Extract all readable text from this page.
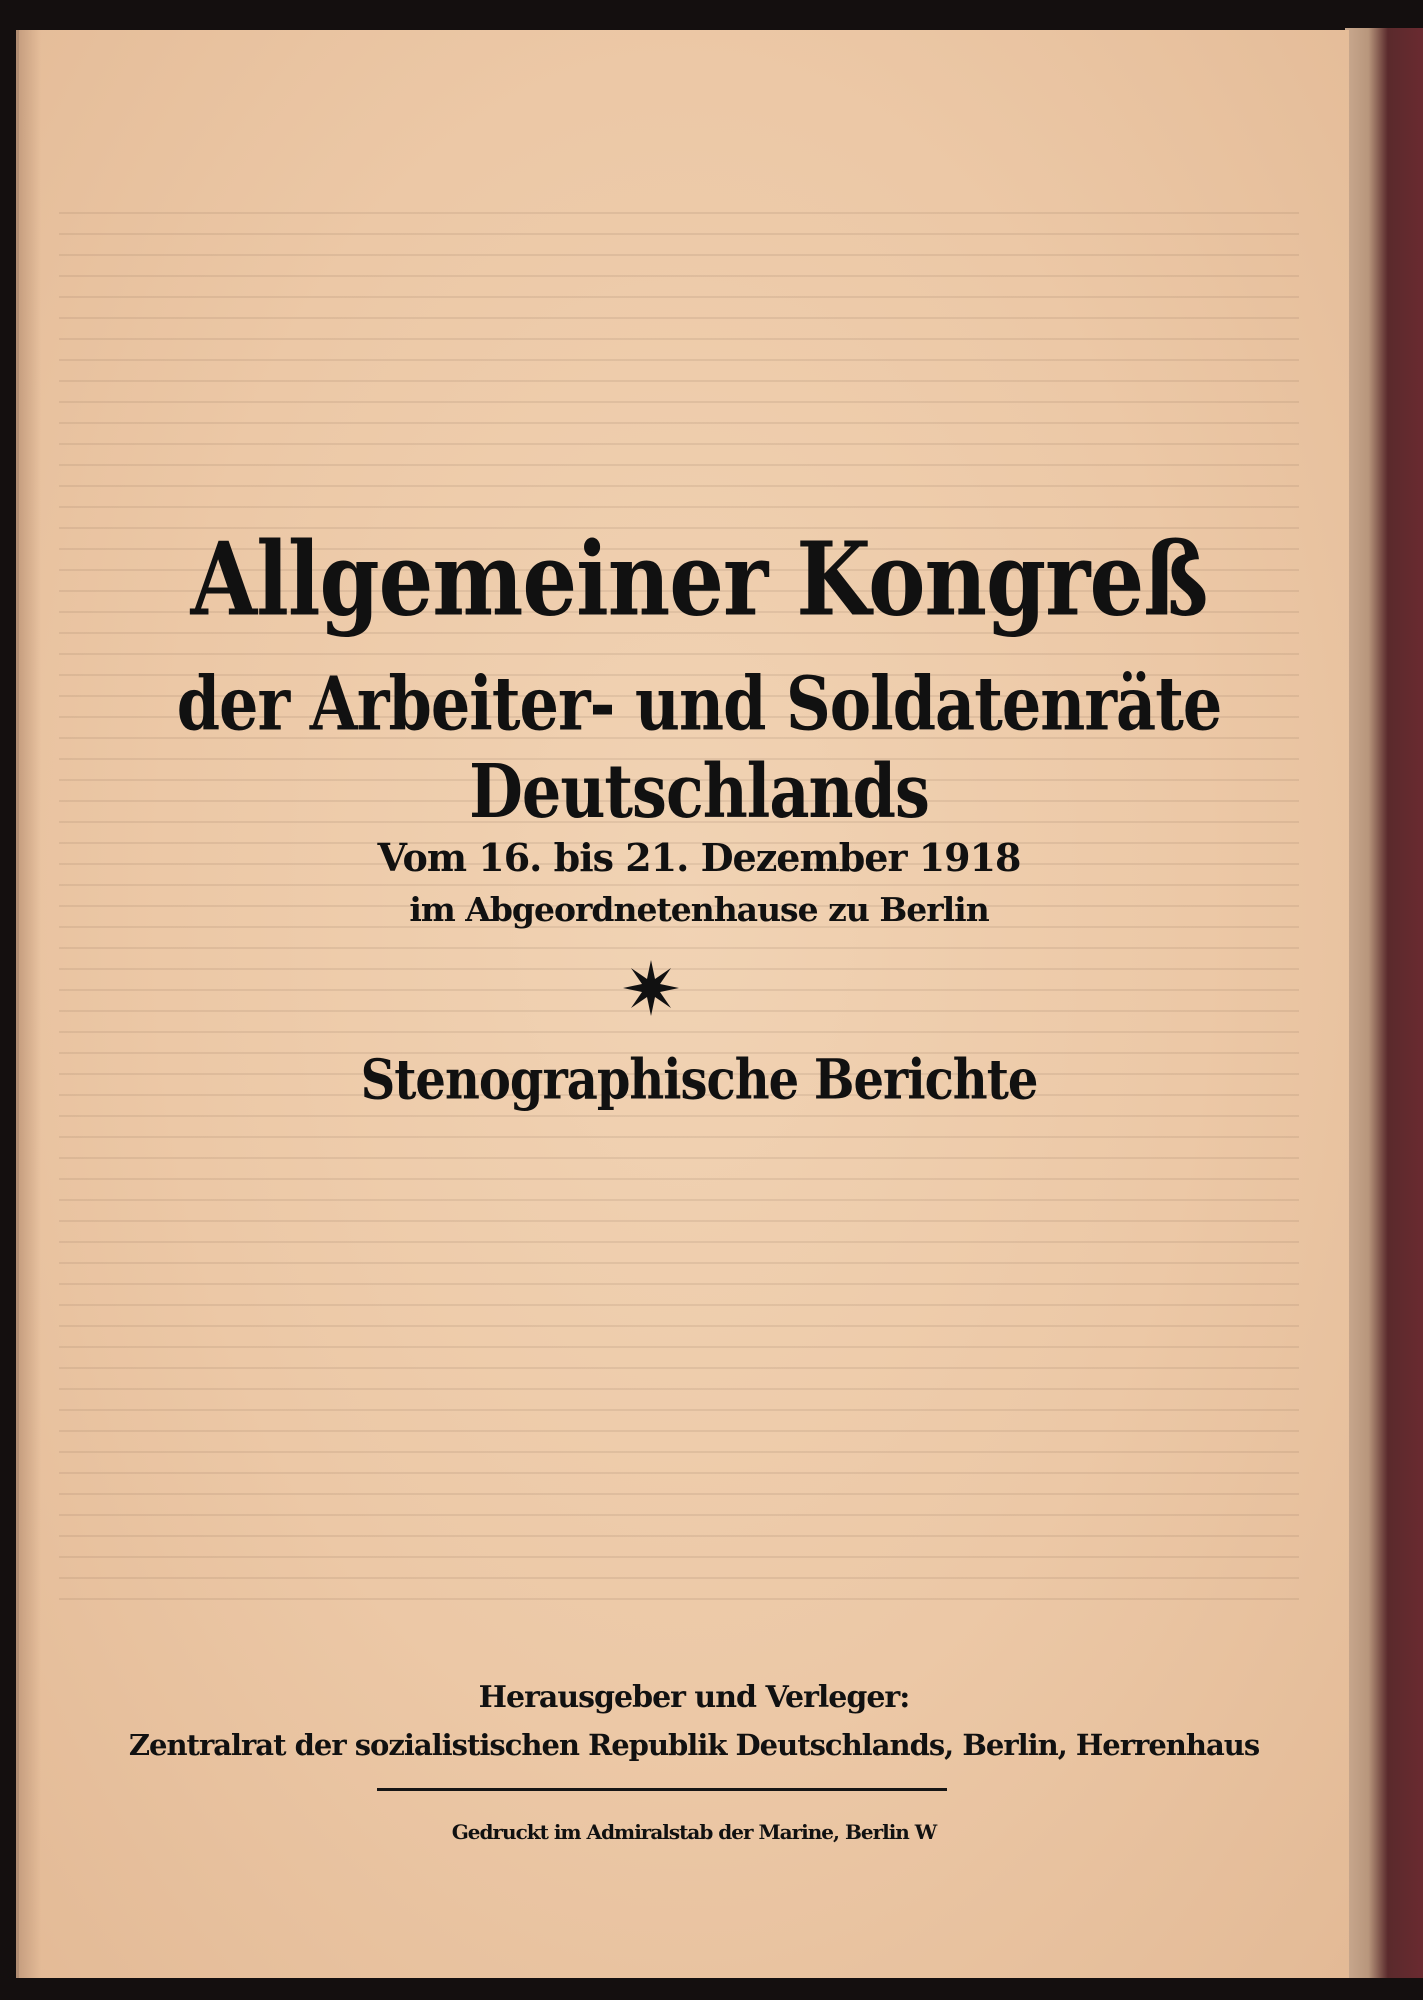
Allgemeiner Kongreß
der Arbeiter- und Soldatenräte Deutschlands

Vom 16. bis 21. Dezember 1918

im Abgeordnetenhause zu Berlin

Stenographische Berichte

Herausgeber und Verleger:

Zentralrat der sozialistischen Republik Deutschlands, Berlin, Herrenhaus

Gedruckt im Admiralstab der Marine, Berlin W
